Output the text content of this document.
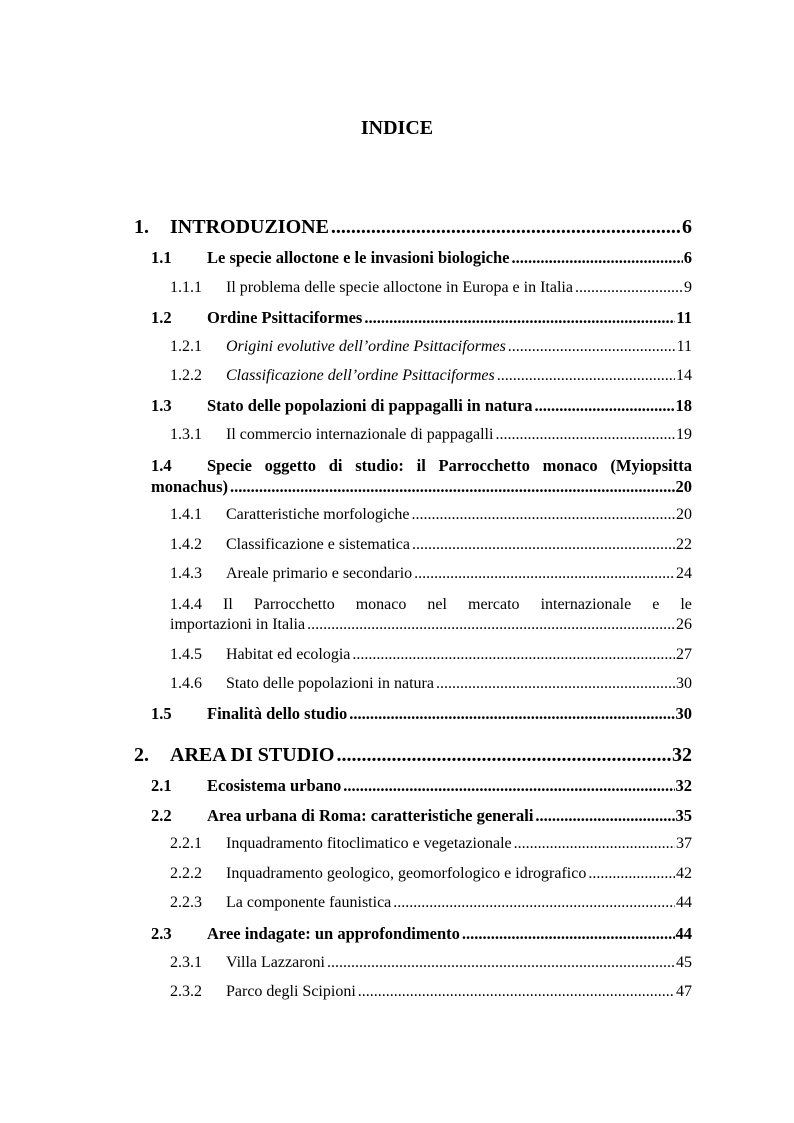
INDICE
1.	INTRODUZIONE .....	6
1.1	Le specie alloctone e le invasioni biologiche .....	6
1.1.1	Il problema delle specie alloctone in Europa e in Italia .....	9
1.2	Ordine Psittaciformes .....	11
1.2.1	Origini evolutive dell’ordine Psittaciformes .....	11
1.2.2	Classificazione dell’ordine Psittaciformes .....	14
1.3	Stato delle popolazioni di pappagalli in natura .....	18
1.3.1	Il commercio internazionale di pappagalli .....	19
1.4	Specie oggetto di studio: il Parrocchetto monaco (Myiopsitta
monachus) .....	20
1.4.1	Caratteristiche morfologiche .....	20
1.4.2	Classificazione e sistematica .....	22
1.4.3	Areale primario e secondario .....	24
1.4.4 Il Parrocchetto monaco nel mercato internazionale e le
importazioni in Italia .....	26
1.4.5	Habitat ed ecologia .....	27
1.4.6	Stato delle popolazioni in natura .....	30
1.5	Finalità dello studio .....	30
2.	AREA DI STUDIO .....	32
2.1	Ecosistema urbano .....	32
2.2	Area urbana di Roma: caratteristiche generali .....	35
2.2.1	Inquadramento fitoclimatico e vegetazionale .....	37
2.2.2	Inquadramento geologico, geomorfologico e idrografico .....	42
2.2.3	La componente faunistica .....	44
2.3	Aree indagate: un approfondimento .....	44
2.3.1	Villa Lazzaroni .....	45
2.3.2	Parco degli Scipioni .....	47
